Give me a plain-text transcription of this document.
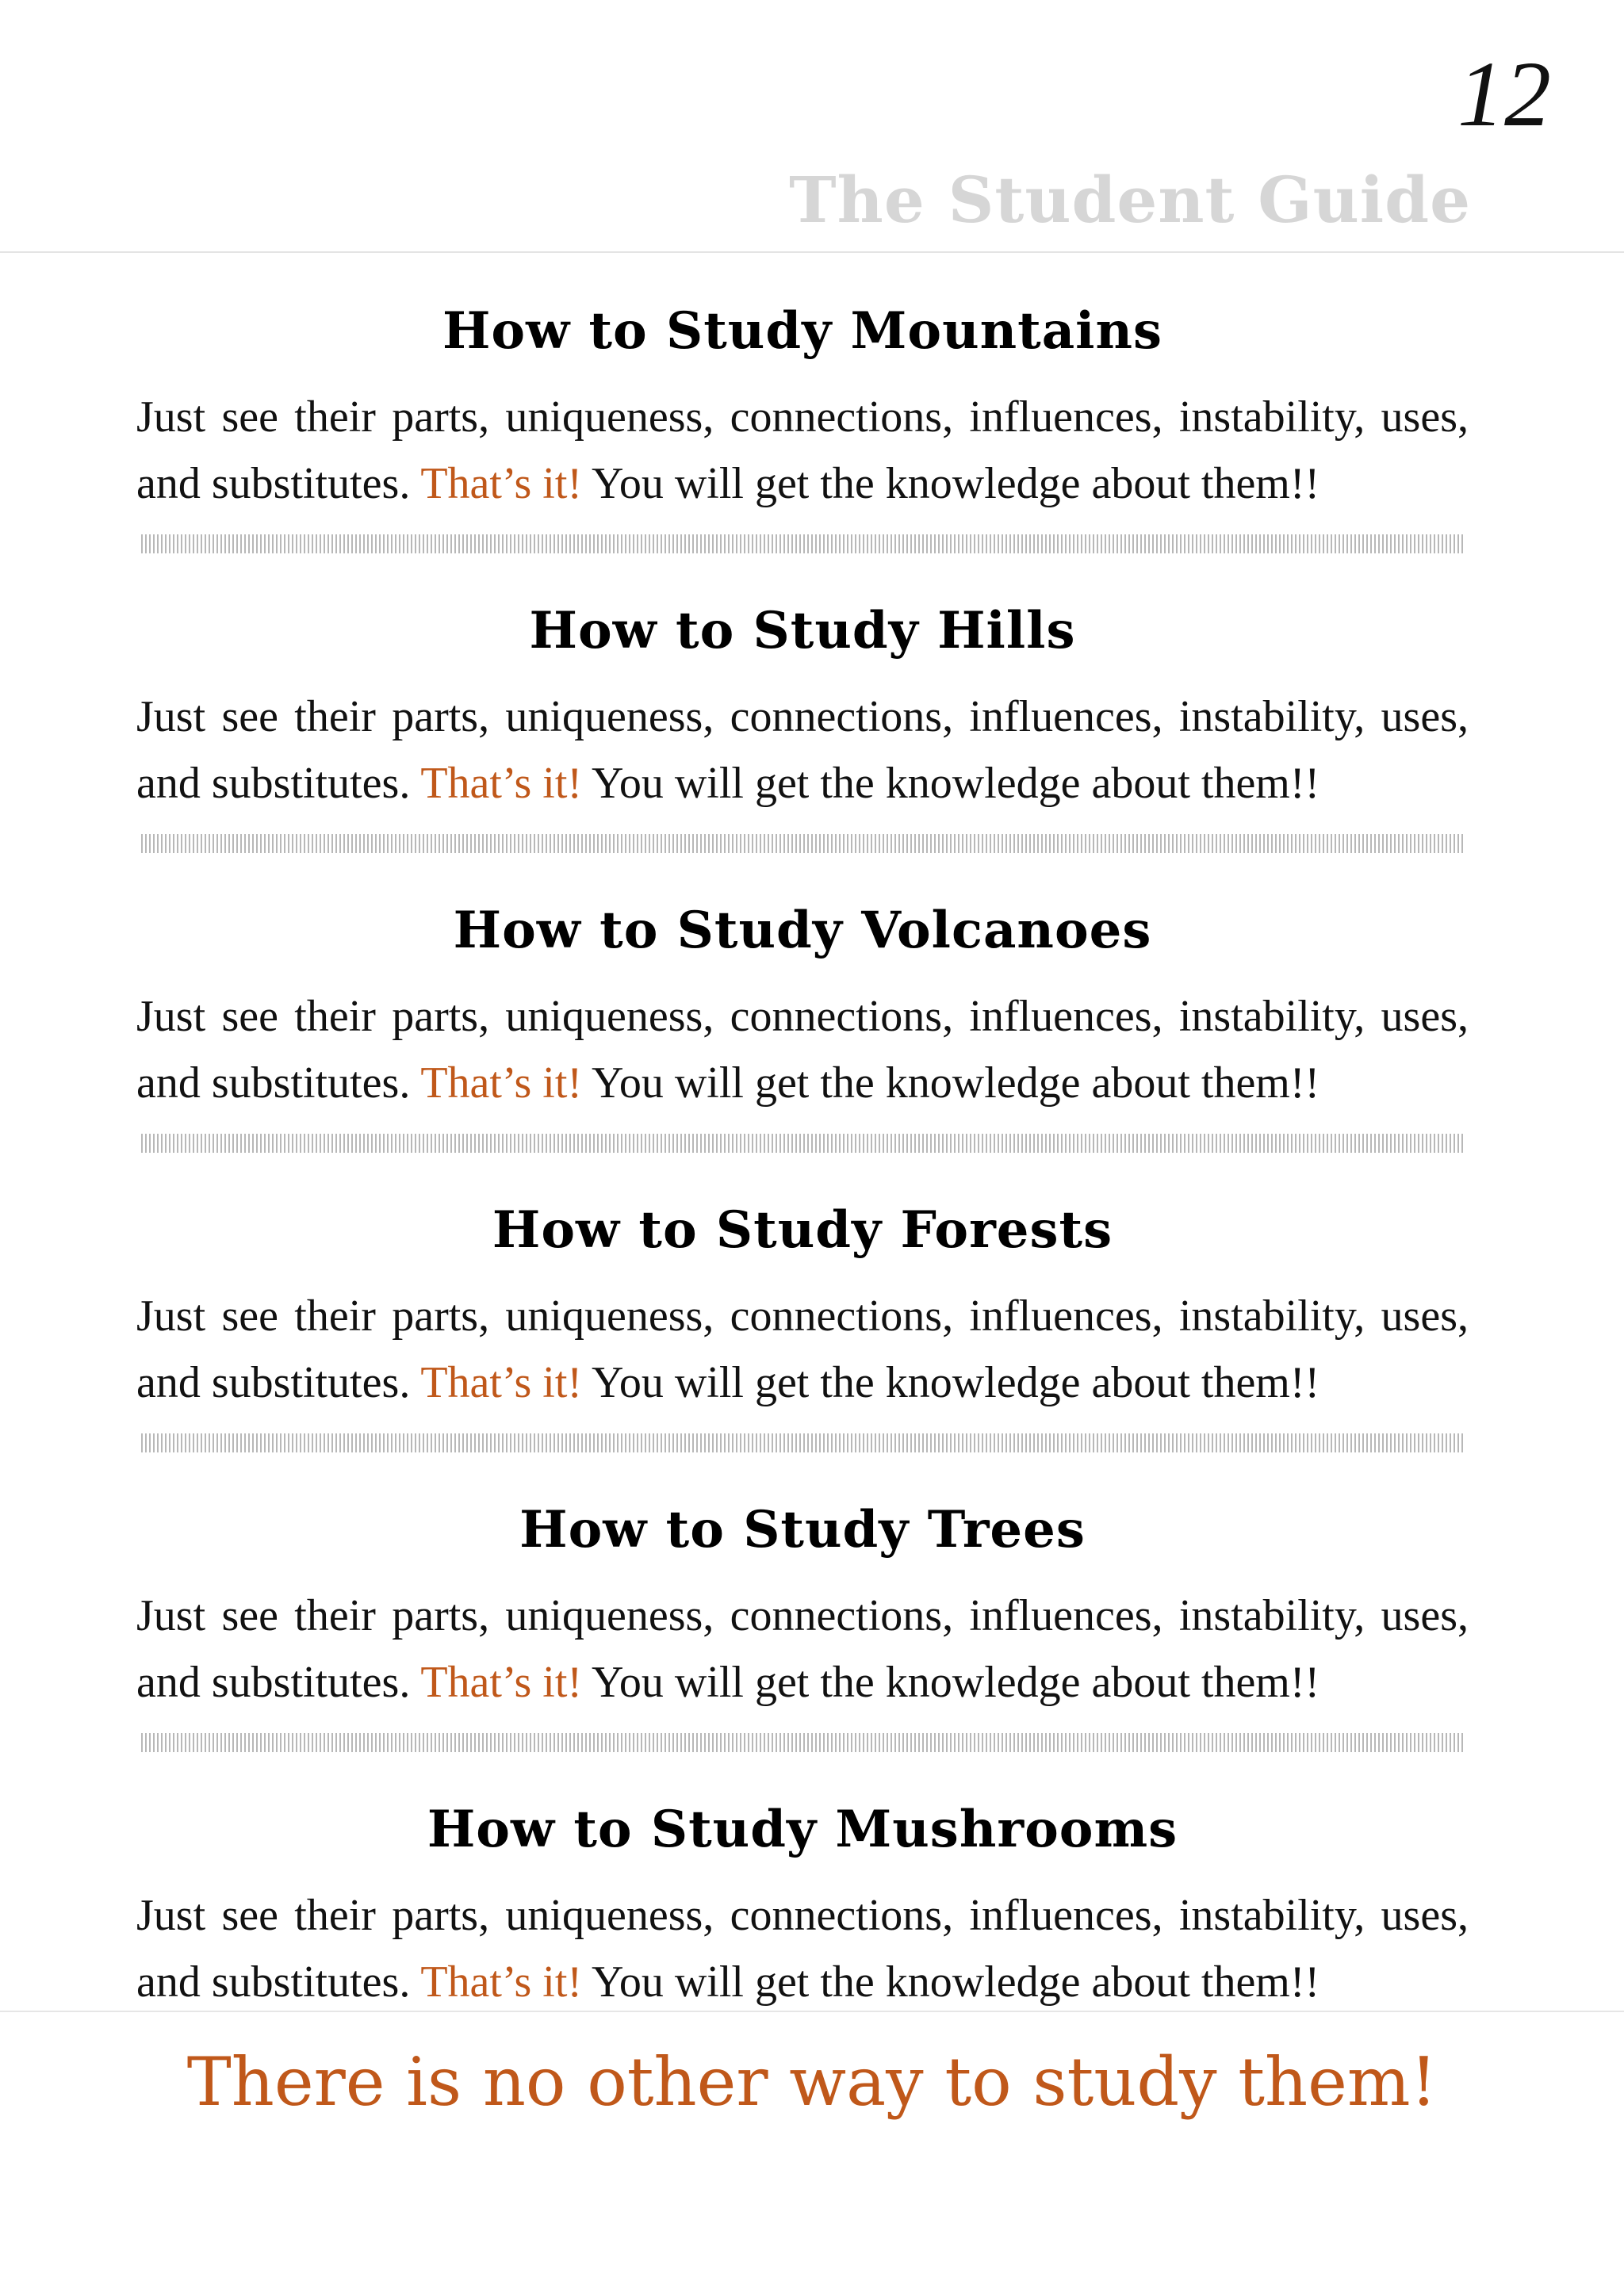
12
The Student Guide
How to Study Mountains

Just see their parts, uniqueness, connections, influences, instability, uses, and substitutes. That’s it! You will get the knowledge about them!!

How to Study Hills

Just see their parts, uniqueness, connections, influences, instability, uses, and substitutes. That’s it! You will get the knowledge about them!!

How to Study Volcanoes

Just see their parts, uniqueness, connections, influences, instability, uses, and substitutes. That’s it! You will get the knowledge about them!!

How to Study Forests

Just see their parts, uniqueness, connections, influences, instability, uses, and substitutes. That’s it! You will get the knowledge about them!!

How to Study Trees

Just see their parts, uniqueness, connections, influences, instability, uses, and substitutes. That’s it! You will get the knowledge about them!!

How to Study Mushrooms

Just see their parts, uniqueness, connections, influences, instability, uses, and substitutes. That’s it! You will get the knowledge about them!!

There is no other way to study them!
